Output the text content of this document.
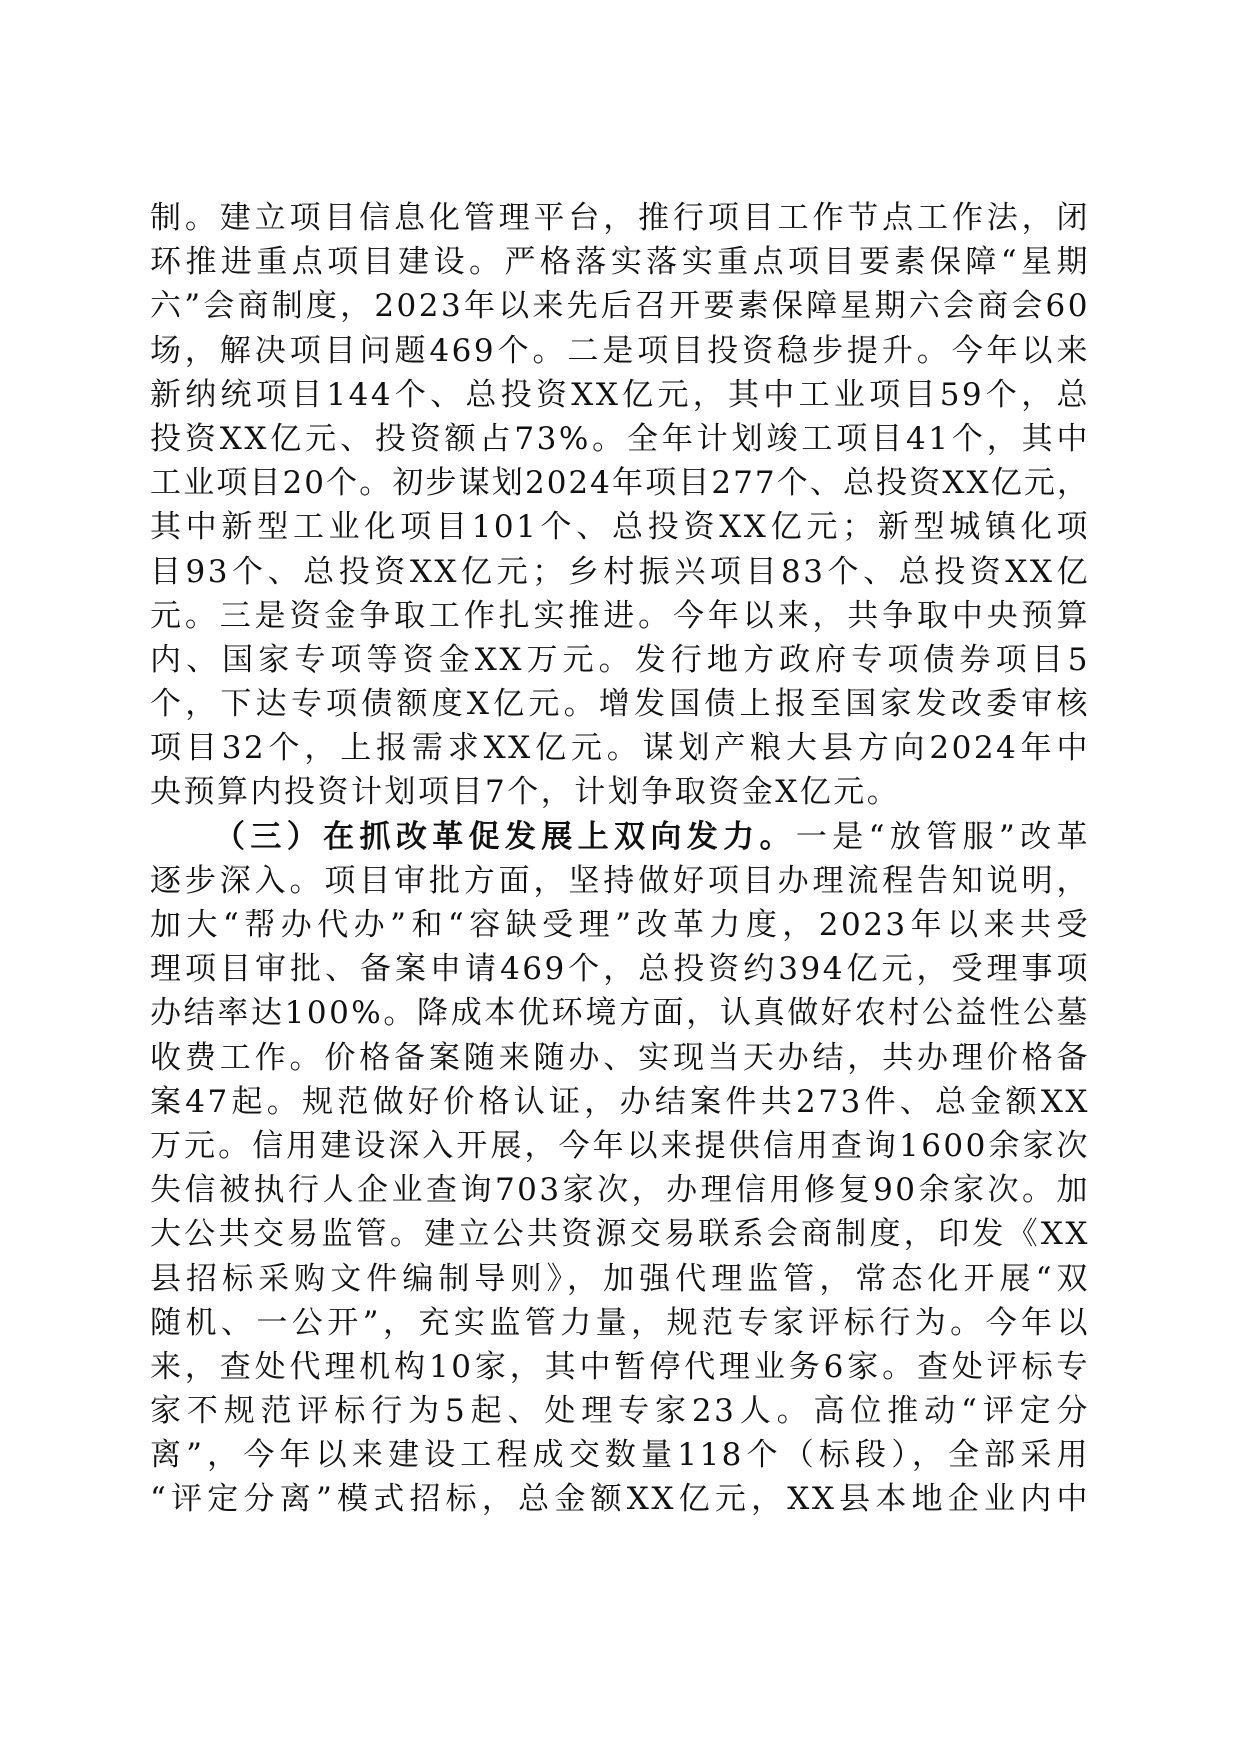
制。建立项目信息化管理平台，推行项目工作节点工作法，闭
环推进重点项目建设。严格落实落实重点项目要素保障“星期
六”会商制度，2023年以来先后召开要素保障星期六会商会60
场，解决项目问题469个。二是项目投资稳步提升。今年以来
新纳统项目144个、总投资XX亿元，其中工业项目59个，总
投资XX亿元、投资额占73%。全年计划竣工项目41个，其中
工业项目20个。初步谋划2024年项目277个、总投资XX亿元，
其中新型工业化项目101个、总投资XX亿元；新型城镇化项
目93个、总投资XX亿元；乡村振兴项目83个、总投资XX亿
元。三是资金争取工作扎实推进。今年以来，共争取中央预算
内、国家专项等资金XX万元。发行地方政府专项债券项目5
个，下达专项债额度X亿元。增发国债上报至国家发改委审核
项目32个，上报需求XX亿元。谋划产粮大县方向2024年中
央预算内投资计划项目7个，计划争取资金X亿元。
（三）在抓改革促发展上双向发力。一是“放管服”改革
逐步深入。项目审批方面，坚持做好项目办理流程告知说明，
加大“帮办代办”和“容缺受理”改革力度，2023年以来共受
理项目审批、备案申请469个，总投资约394亿元，受理事项
办结率达100%。降成本优环境方面，认真做好农村公益性公墓
收费工作。价格备案随来随办、实现当天办结，共办理价格备
案47起。规范做好价格认证，办结案件共273件、总金额XX
万元。信用建设深入开展，今年以来提供信用查询1600余家次
失信被执行人企业查询703家次，办理信用修复90余家次。加
大公共交易监管。建立公共资源交易联系会商制度，印发《XX
县招标采购文件编制导则》，加强代理监管，常态化开展“双
随机、一公开”，充实监管力量，规范专家评标行为。今年以
来，查处代理机构10家，其中暂停代理业务6家。查处评标专
家不规范评标行为5起、处理专家23人。高位推动“评定分
离”，今年以来建设工程成交数量118个（标段），全部采用
“评定分离”模式招标，总金额XX亿元，XX县本地企业内中
